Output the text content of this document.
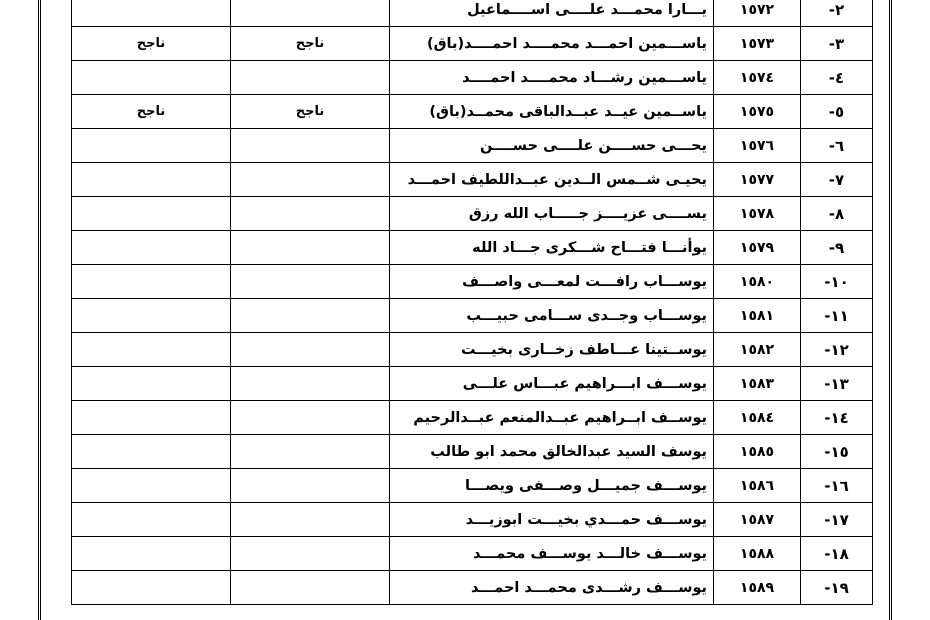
٢-	١٥٧٢	يـــارا محمـــد علــــى اســــماعيل		
٣-	١٥٧٣	ياســـمين احمـــد محمــــد احمــــد(باق)	ناجح	ناجح
٤-	١٥٧٤	ياســـمين رشـــاد محمــــد احمــــد		
٥-	١٥٧٥	ياســمين عيــد عبــدالباقى محمــد(باق)	ناجح	ناجح
٦-	١٥٧٦	يحـــى حســــن علــــى حســــن		
٧-	١٥٧٧	يحيـى شــمس الــدين عبــداللطيف احمـــد		
٨-	١٥٧٨	يســــى عزيــــز جـــــاب الله رزق		
٩-	١٥٧٩	يوأنـــا فتـــاح شـــكرى جـــاد الله		
١٠-	١٥٨٠	يوســـاب رافـــت لمعـــى واصـــف		
١١-	١٥٨١	يوســـاب وجــدى ســـامى حبيـــب		
١٢-	١٥٨٢	يوســتينا عـــاطف زخــارى بخيـــت		
١٣-	١٥٨٣	يوســـف ابـــراهيم عبـــاس علـــى		
١٤-	١٥٨٤	يوســف ابــراهيم عبــدالمنعم عبــدالرحيم		
١٥-	١٥٨٥	يوسف السيد عبدالخالق محمد ابو طالب		
١٦-	١٥٨٦	يوســـف جميـــل وصـــفى ويصـــا		
١٧-	١٥٨٧	يوســـف حمـــدي بخيـــت ابوزيـــد		
١٨-	١٥٨٨	يوســـف خالـــد يوســـف محمـــد		
١٩-	١٥٨٩	يوســـف رشـــدى محمـــد احمـــد		
